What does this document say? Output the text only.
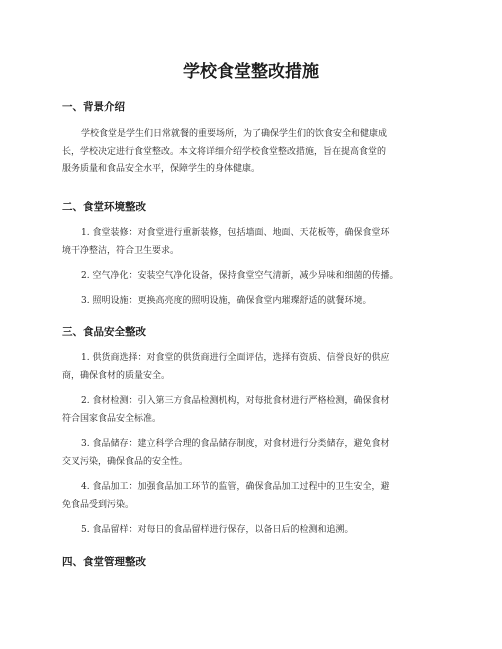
学校食堂整改措施
一、背景介绍

学校食堂是学生们日常就餐的重要场所，为了确保学生们的饮食安全和健康成
长，学校决定进行食堂整改。本文将详细介绍学校食堂整改措施，旨在提高食堂的
服务质量和食品安全水平，保障学生的身体健康。

二、食堂环境整改

1. 食堂装修：对食堂进行重新装修，包括墙面、地面、天花板等，确保食堂环
境干净整洁，符合卫生要求。

2. 空气净化：安装空气净化设备，保持食堂空气清新，减少异味和细菌的传播。

3. 照明设施：更换高亮度的照明设施，确保食堂内璀璨舒适的就餐环境。

三、食品安全整改

1. 供货商选择：对食堂的供货商进行全面评估，选择有资质、信誉良好的供应
商，确保食材的质量安全。

2. 食材检测：引入第三方食品检测机构，对每批食材进行严格检测，确保食材
符合国家食品安全标准。

3. 食品储存：建立科学合理的食品储存制度，对食材进行分类储存，避免食材
交叉污染，确保食品的安全性。

4. 食品加工：加强食品加工环节的监管，确保食品加工过程中的卫生安全，避
免食品受到污染。

5. 食品留样：对每日的食品留样进行保存，以备日后的检测和追溯。

四、食堂管理整改
